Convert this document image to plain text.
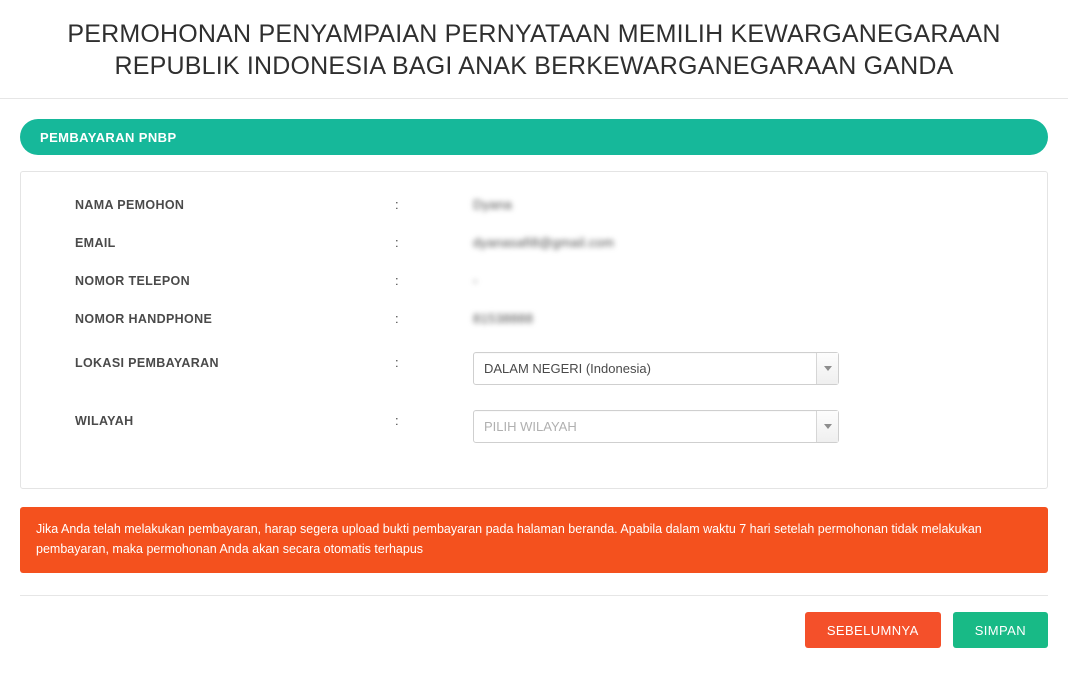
PERMOHONAN PENYAMPAIAN PERNYATAAN MEMILIH KEWARGANEGARAAN
REPUBLIK INDONESIA BAGI ANAK BERKEWARGANEGARAAN GANDA
PEMBAYARAN PNBP
NAMA PEMOHON	:	Dyana
EMAIL	:	dyanasafi8@gmail.com
NOMOR TELEPON	:	-
NOMOR HANDPHONE	:	81538888
LOKASI PEMBAYARAN	:	DALAM NEGERI (Indonesia)
WILAYAH	:	PILIH WILAYAH
Jika Anda telah melakukan pembayaran, harap segera upload bukti pembayaran pada halaman beranda. Apabila dalam waktu 7 hari setelah permohonan tidak melakukan pembayaran, maka permohonan Anda akan secara otomatis terhapus
SEBELUMNYA	SIMPAN
